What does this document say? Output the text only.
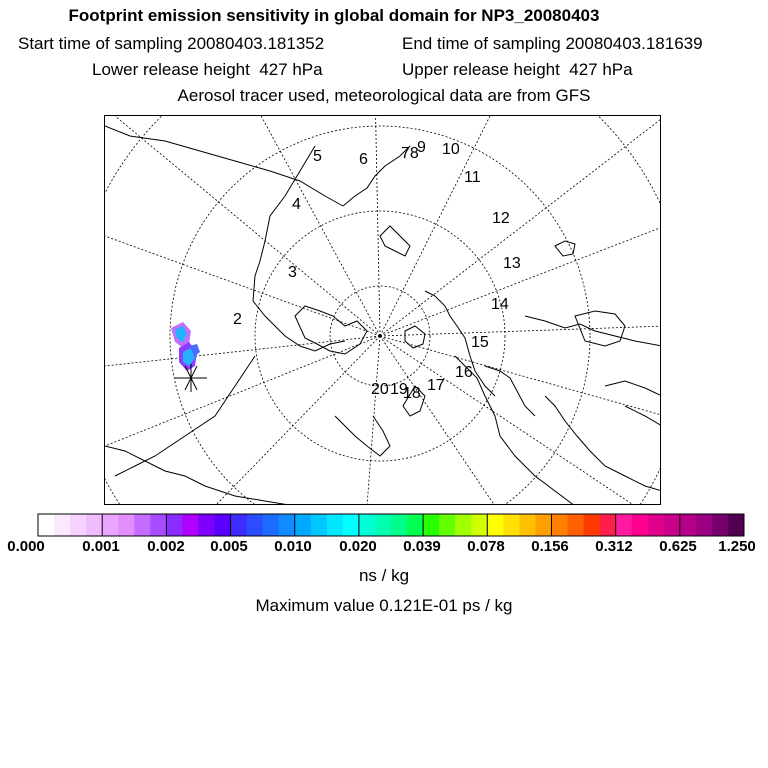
Footprint emission sensitivity in global domain for NP3_20080403
Start time of sampling 20080403.181352	End time of sampling 20080403.181639
Lower release height  427 hPa	Upper release height  427 hPa
Aerosol tracer used, meteorological data are from GFS
2
3
4
5 6 78
9 10
11
12
13
14
15
16
17
18
19
20
0.000 0.001 0.002 0.005 0.010 0.020 0.039 0.078 0.156 0.312 0.625 1.250
ns / kg
Maximum value 0.121E-01 ps / kg
